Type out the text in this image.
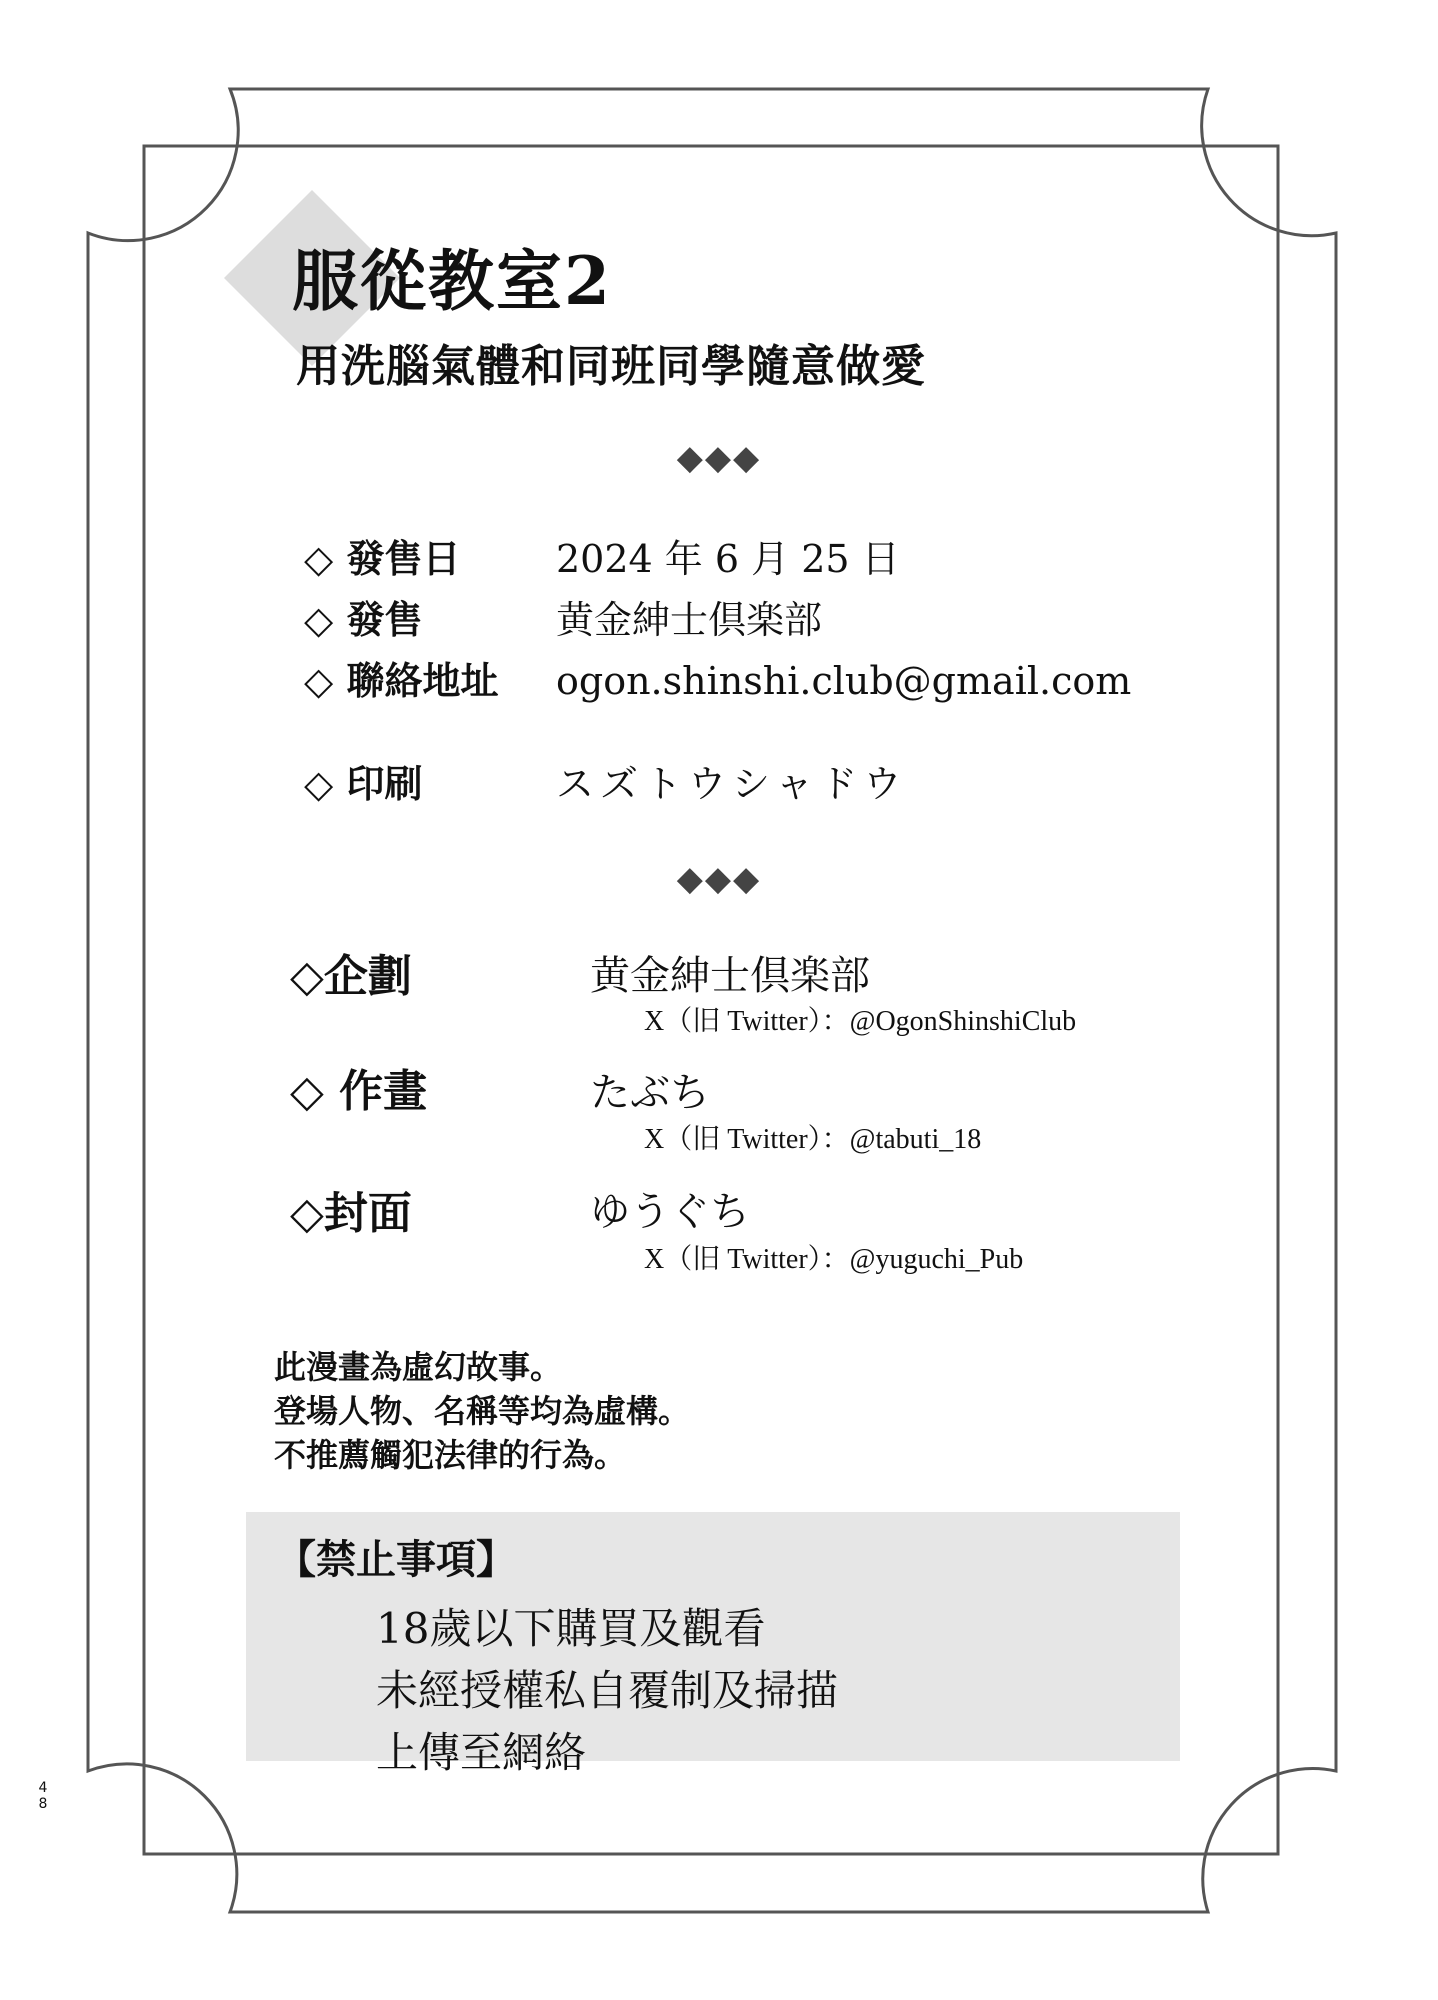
服從教室2
用洗腦氣體和同班同學隨意做愛
◆◆◆
◇ 發售日	2024 年 6 月 25 日
◇ 發售	黄金紳士倶楽部
◇ 聯絡地址 ogon.shinshi.club@gmail.com
◇ 印刷	スズトウシャドウ
◆◆◆
◇企劃	黄金紳士倶楽部
X（旧 Twitter）：@OgonShinshiClub
◇ 作畫	たぶち
X（旧 Twitter）：@tabuti_18
◇封面	ゆうぐち
X（旧 Twitter）：@yuguchi_Pub
此漫畫為虛幻故事。
登場人物、名稱等均為虛構。
不推薦觸犯法律的行為。
【禁止事項】
18歲以下購買及觀看
未經授權私自覆制及掃描
上傳至網絡
4
8
